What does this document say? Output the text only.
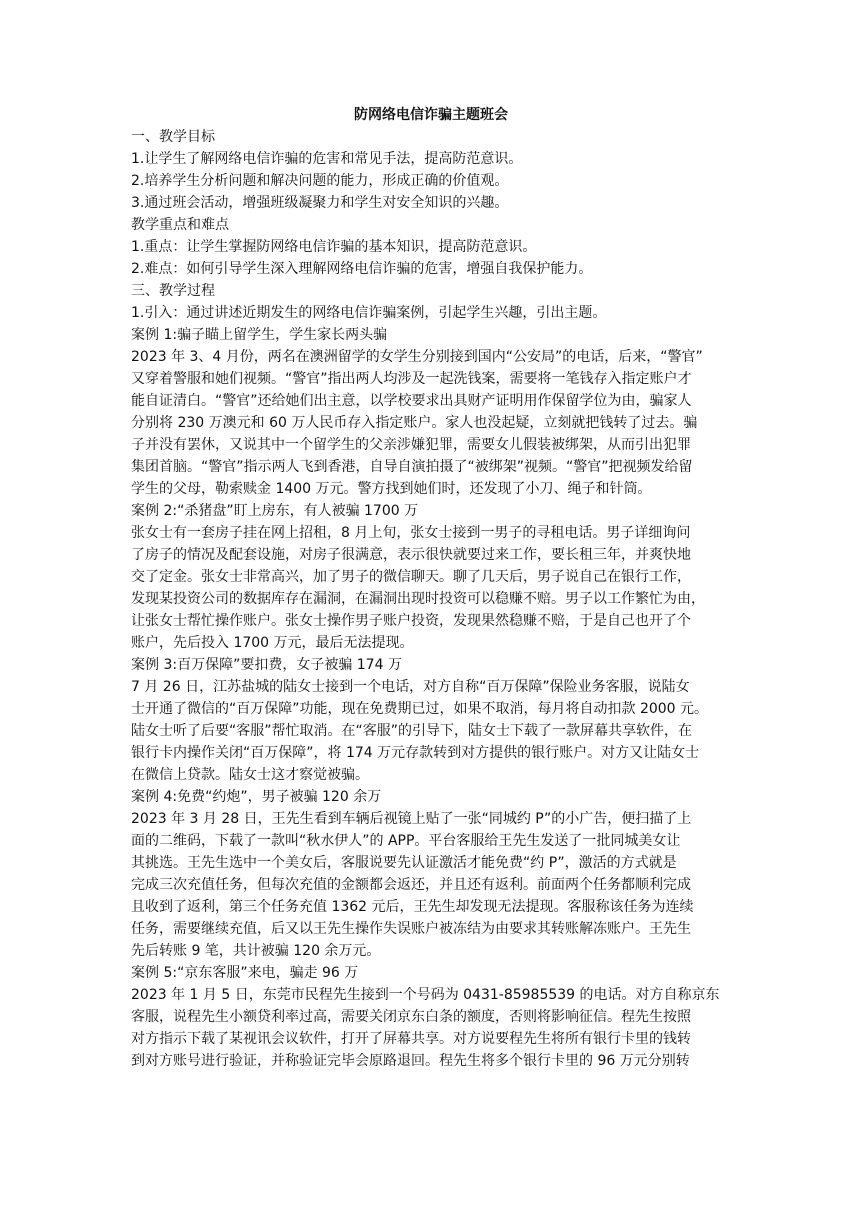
防网络电信诈骗主题班会
一、教学目标
1.让学生了解网络电信诈骗的危害和常见手法，提高防范意识。
2.培养学生分析问题和解决问题的能力，形成正确的价值观。
3.通过班会活动，增强班级凝聚力和学生对安全知识的兴趣。
教学重点和难点
1.重点：让学生掌握防网络电信诈骗的基本知识，提高防范意识。
2.难点：如何引导学生深入理解网络电信诈骗的危害，增强自我保护能力。
三、教学过程
1.引入：通过讲述近期发生的网络电信诈骗案例，引起学生兴趣，引出主题。
案例 1:骗子瞄上留学生，学生家长两头骗
2023 年 3、4 月份，两名在澳洲留学的女学生分别接到国内“公安局”的电话，后来，“警官”
又穿着警服和她们视频。“警官”指出两人均涉及一起洗钱案，需要将一笔钱存入指定账户才
能自证清白。“警官”还给她们出主意，以学校要求出具财产证明用作保留学位为由，骗家人
分别将 230 万澳元和 60 万人民币存入指定账户。家人也没起疑，立刻就把钱转了过去。骗
子并没有罢休，又说其中一个留学生的父亲涉嫌犯罪，需要女儿假装被绑架，从而引出犯罪
集团首脑。“警官”指示两人飞到香港，自导自演拍摄了“被绑架”视频。“警官”把视频发给留
学生的父母，勒索赎金 1400 万元。警方找到她们时，还发现了小刀、绳子和针筒。
案例 2:“杀猪盘”盯上房东，有人被骗 1700 万
张女士有一套房子挂在网上招租，8 月上旬，张女士接到一男子的寻租电话。男子详细询问
了房子的情况及配套设施，对房子很满意，表示很快就要过来工作，要长租三年，并爽快地
交了定金。张女士非常高兴，加了男子的微信聊天。聊了几天后，男子说自己在银行工作，
发现某投资公司的数据库存在漏洞，在漏洞出现时投资可以稳赚不赔。男子以工作繁忙为由，
让张女士帮忙操作账户。张女士操作男子账户投资，发现果然稳赚不赔，于是自己也开了个
账户，先后投入 1700 万元，最后无法提现。
案例 3:百万保障”要扣费，女子被骗 174 万
7 月 26 日，江苏盐城的陆女士接到一个电话，对方自称“百万保障”保险业务客服，说陆女
士开通了微信的“百万保障”功能，现在免费期已过，如果不取消，每月将自动扣款 2000 元。
陆女士听了后要“客服”帮忙取消。在“客服”的引导下，陆女士下载了一款屏幕共享软件，在
银行卡内操作关闭“百万保障”，将 174 万元存款转到对方提供的银行账户。对方又让陆女士
在微信上贷款。陆女士这才察觉被骗。
案例 4:免费“约炮”，男子被骗 120 余万
2023 年 3 月 28 日，王先生看到车辆后视镜上贴了一张“同城约 P”的小广告，便扫描了上
面的二维码，下载了一款叫“秋水伊人”的 APP。平台客服给王先生发送了一批同城美女让
其挑选。王先生选中一个美女后，客服说要先认证激活才能免费“约 P”，激活的方式就是
完成三次充值任务，但每次充值的金额都会返还，并且还有返利。前面两个任务都顺利完成
且收到了返利，第三个任务充值 1362 元后，王先生却发现无法提现。客服称该任务为连续
任务，需要继续充值，后又以王先生操作失误账户被冻结为由要求其转账解冻账户。王先生
先后转账 9 笔，共计被骗 120 余万元。
案例 5:“京东客服”来电，骗走 96 万
2023 年 1 月 5 日，东莞市民程先生接到一个号码为 0431-85985539 的电话。对方自称京东
客服，说程先生小额贷利率过高，需要关闭京东白条的额度，否则将影响征信。程先生按照
对方指示下载了某视讯会议软件，打开了屏幕共享。对方说要程先生将所有银行卡里的钱转
到对方账号进行验证，并称验证完毕会原路退回。程先生将多个银行卡里的 96 万元分别转
